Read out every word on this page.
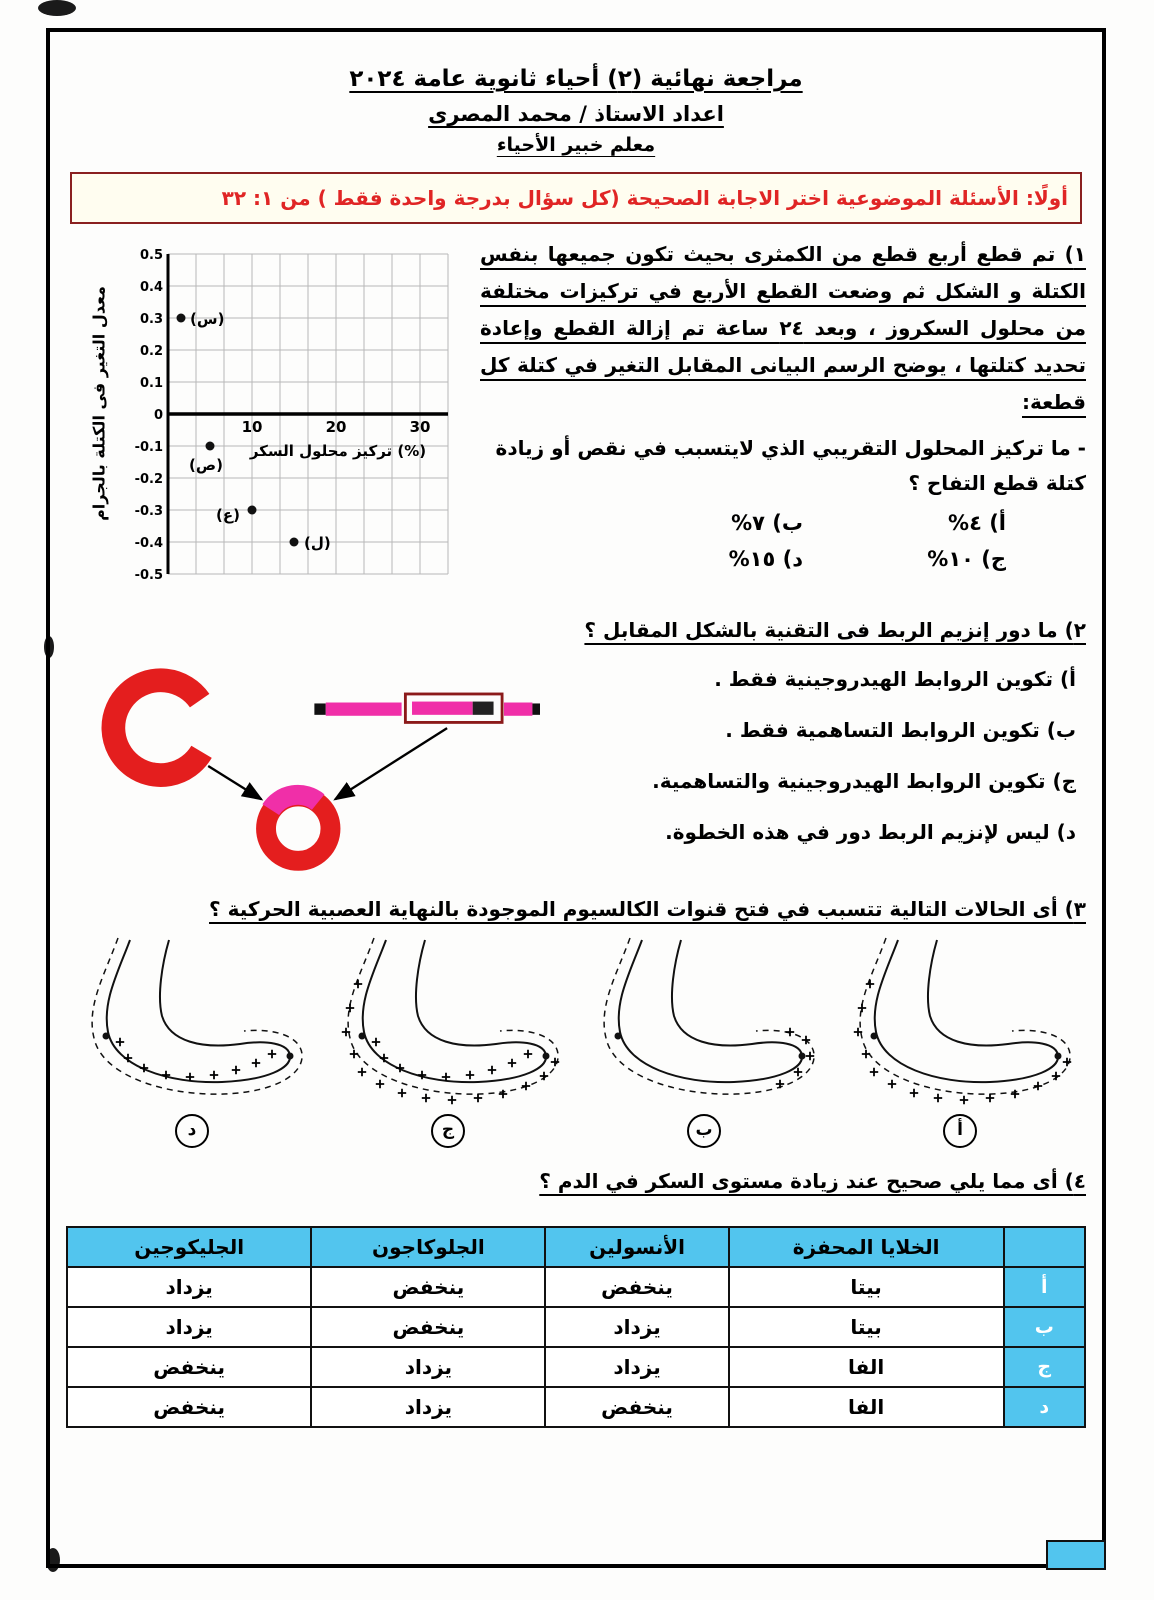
مراجعة نهائية (٢) أحياء ثانوية عامة ٢٠٢٤
اعداد الاستاذ / محمد المصرى
معلم خبير الأحياء
أولًا: الأسئلة الموضوعية اختر الاجابة الصحيحة (كل سؤال بدرجة واحدة فقط ) من ١: ٣٢
١) تم قطع أربع قطع من الكمثرى بحيث تكون جميعها بنفس الكتلة و الشكل ثم وضعت القطع الأربع في تركيزات مختلفة من محلول السكروز ، وبعد ٢٤ ساعة تم إزالة القطع وإعادة تحديد كتلتها ، يوضح الرسم البيانى المقابل التغير في كتلة كل قطعة:
- ما تركيز المحلول التقريبي الذي لايتسبب في نقص أو زيادة كتلة قطع التفاح ؟
أ) ٤%
ب) ٧%
ج) ١٠%
د) ١٥%
معدل التغير فى الكتلة بالجرام
0.5
0.4
0.3
0.2
0.1
0
-0.1
-0.2
-0.3
-0.4
-0.5
10	20	30
تركيز محلول السكر (%)
(س)
(ص)
(ع)
(ل)
٢) ما دور إنزيم الربط فى التقنية بالشكل المقابل ؟
أ) تكوين الروابط الهيدروجينية فقط .
ب) تكوين الروابط التساهمية فقط .
ج) تكوين الروابط الهيدروجينية والتساهمية.
د) ليس لإنزيم الربط دور في هذه الخطوة.
٣) أى الحالات التالية تتسبب في فتح قنوات الكالسيوم الموجودة بالنهاية العصبية الحركية ؟
أ
ب
ج
د
٤) أى مما يلي صحيح عند زيادة مستوى السكر في الدم ؟
	الخلايا المحفزة	الأنسولين	الجلوكاجون	الجليكوجين
أ	بيتا	ينخفض	ينخفض	يزداد
ب	بيتا	يزداد	ينخفض	يزداد
ج	الفا	يزداد	يزداد	ينخفض
د	الفا	ينخفض	يزداد	ينخفض
